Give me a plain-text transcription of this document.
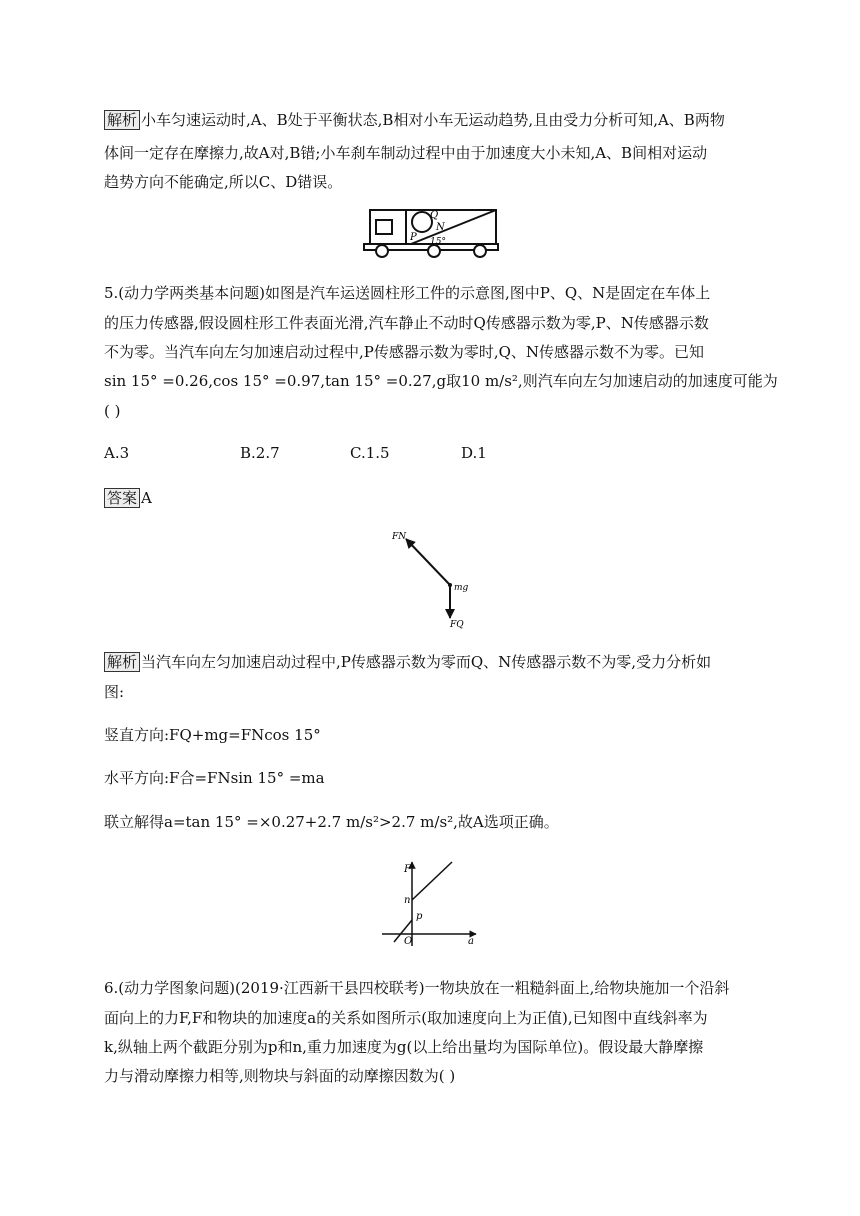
解析 小车匀速运动时,A、B处于平衡状态,B相对小车无运动趋势,且由受力分析可知,A、B两物
体间一定存在摩擦力,故A对,B错;小车刹车制动过程中由于加速度大小未知,A、B间相对运动
趋势方向不能确定,所以C、D错误。
P
Q
N
15°
5.(动力学两类基本问题)如图是汽车运送圆柱形工件的示意图,图中P、Q、N是固定在车体上
的压力传感器,假设圆柱形工件表面光滑,汽车静止不动时Q传感器示数为零,P、N传感器示数
不为零。当汽车向左匀加速启动过程中,P传感器示数为零时,Q、N传感器示数不为零。已知
sin 15° =0.26,cos 15° =0.97,tan 15° =0.27,g取10 m/s²,则汽车向左匀加速启动的加速度可能为
( )
A.3	B.2.7	C.1.5	D.1
答案 A
FN
mg
FQ
解析 当汽车向左匀加速启动过程中,P传感器示数为零而Q、N传感器示数不为零,受力分析如
图:
竖直方向:FQ+mg=FNcos 15°
水平方向:F合=FNsin 15° =ma
联立解得a=tan 15° =×0.27+2.7 m/s²>2.7 m/s²,故A选项正确。
F
n
p
O	a
6.(动力学图象问题)(2019·江西新干县四校联考)一物块放在一粗糙斜面上,给物块施加一个沿斜
面向上的力F,F和物块的加速度a的关系如图所示(取加速度向上为正值),已知图中直线斜率为
k,纵轴上两个截距分别为p和n,重力加速度为g(以上给出量均为国际单位)。假设最大静摩擦
力与滑动摩擦力相等,则物块与斜面的动摩擦因数为( )
